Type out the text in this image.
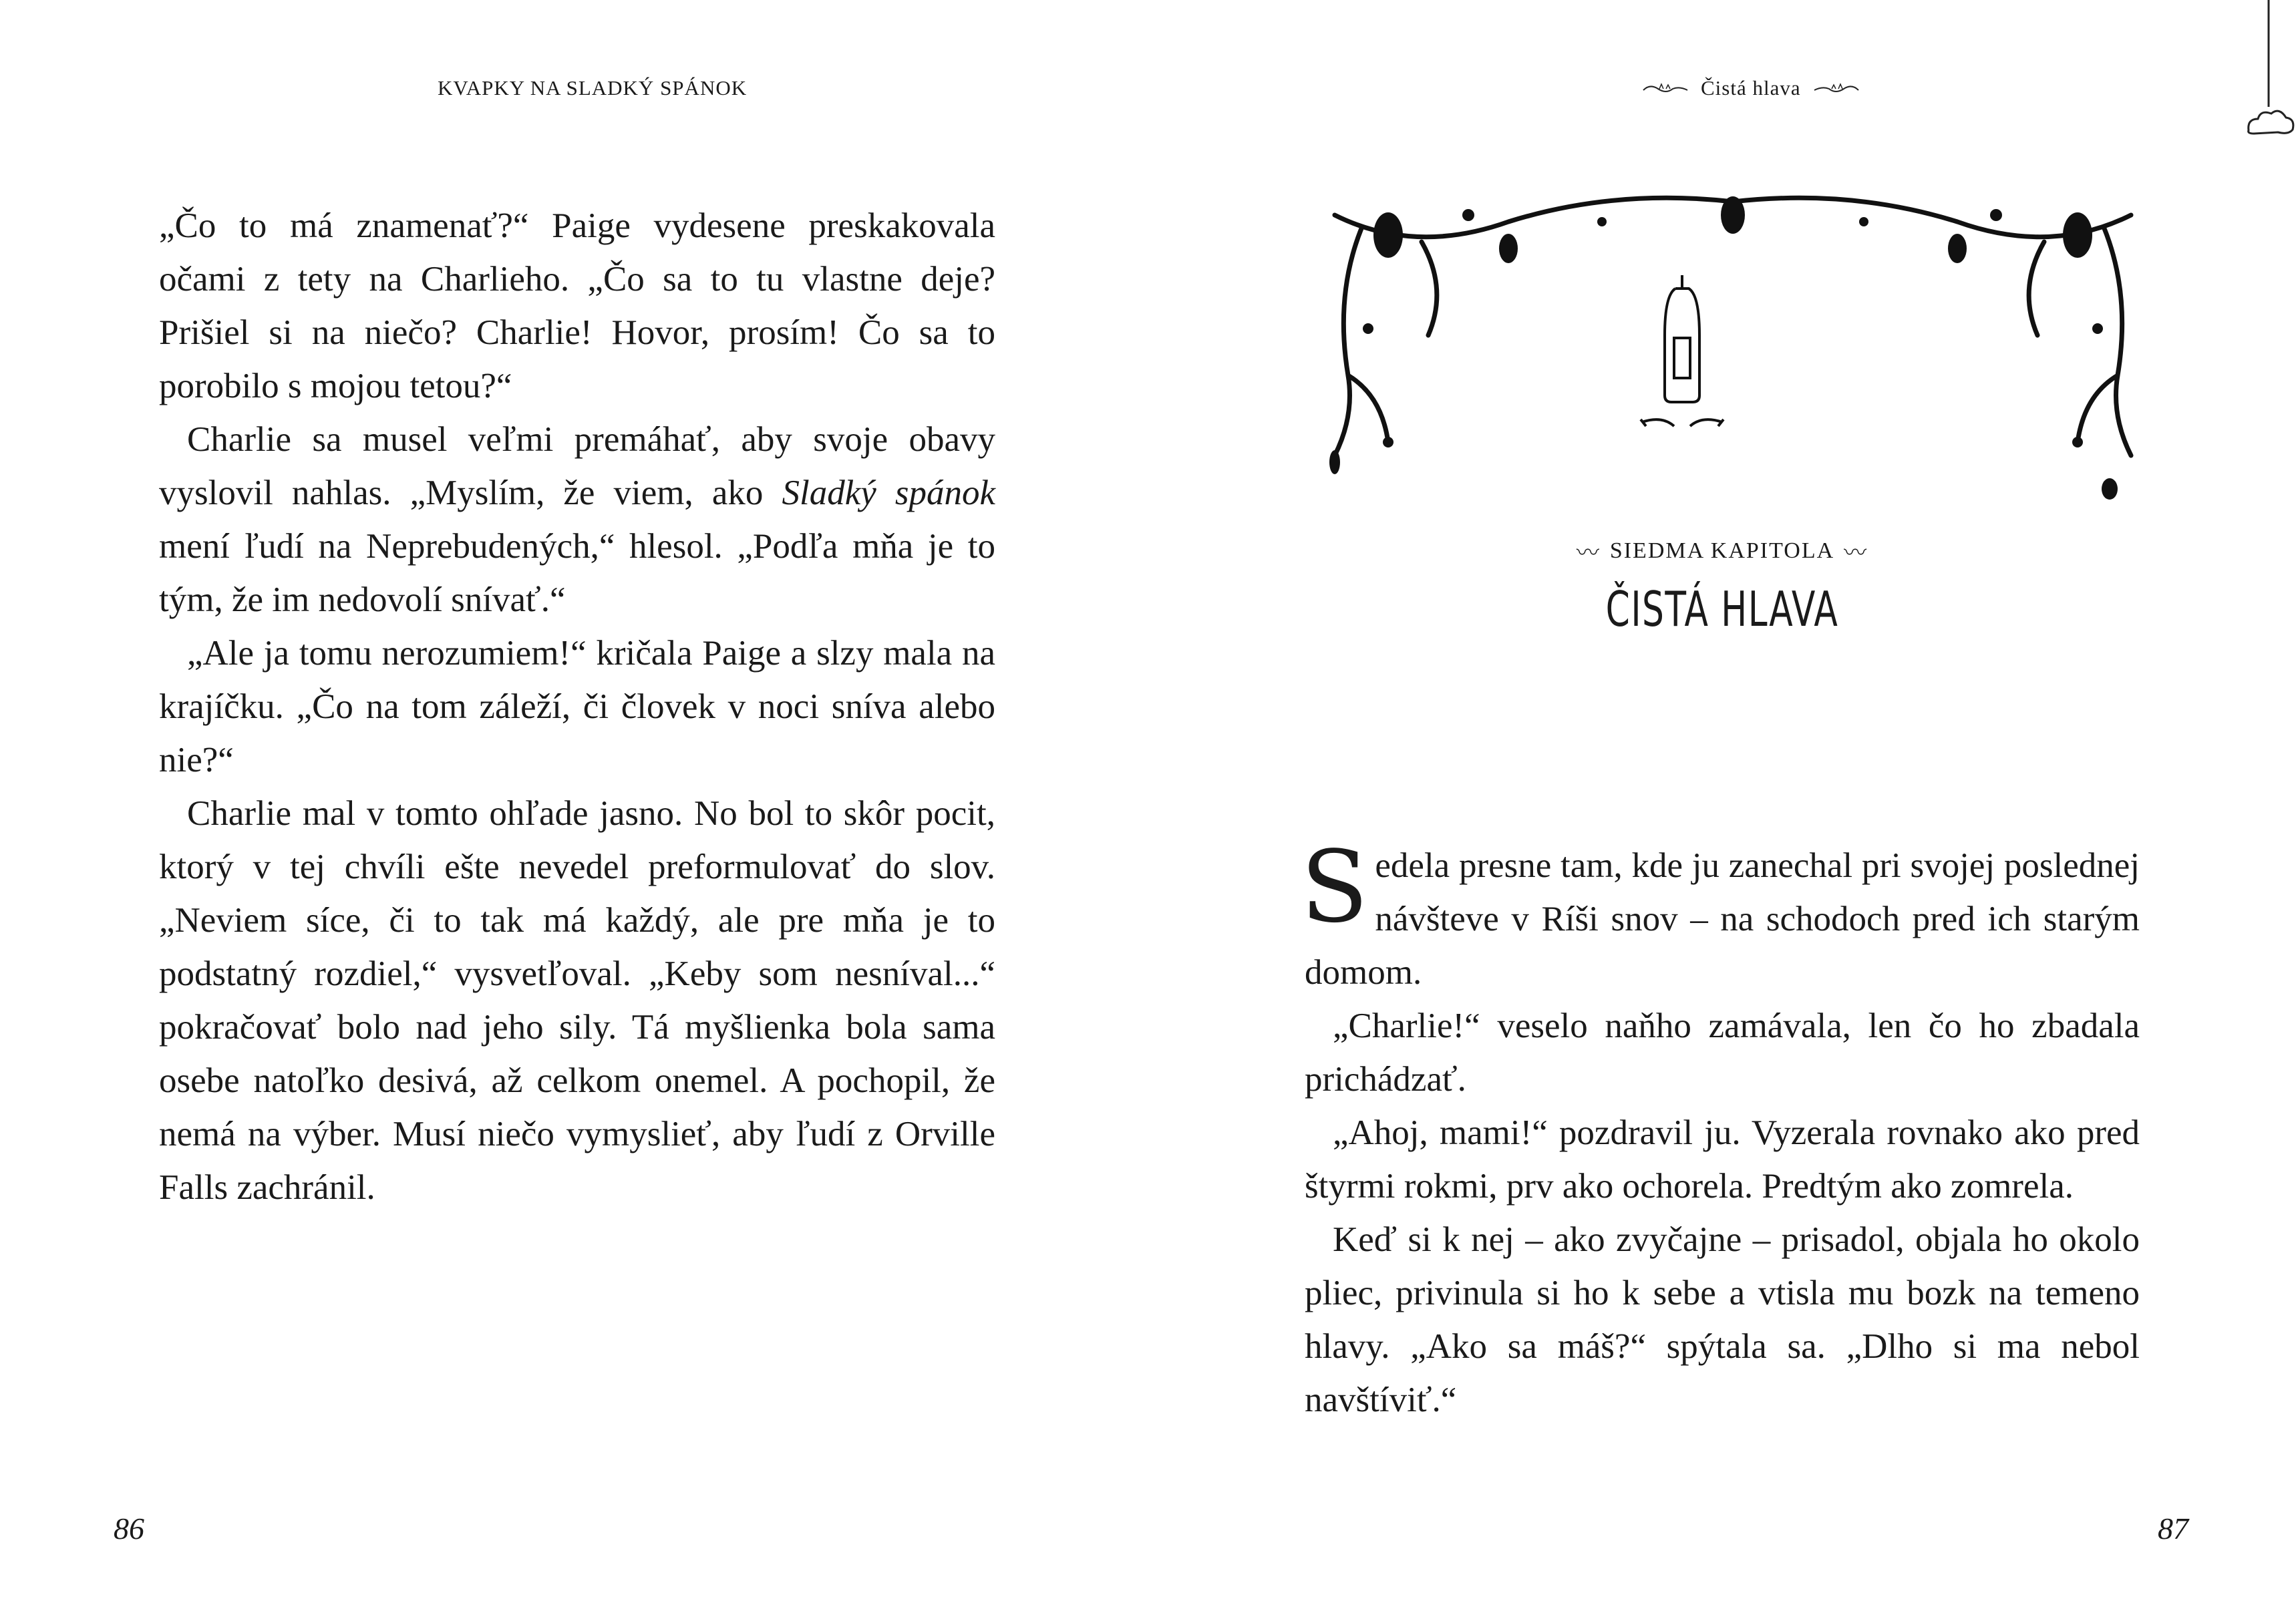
KVAPKY NA SLADKÝ SPÁNOK

„Čo to má znamenať?“ Paige vydesene preskakovala očami z tety na Charlieho. „Čo sa to tu vlastne deje? Prišiel si na niečo? Charlie! Hovor, prosím! Čo sa to porobilo s mojou tetou?“

Charlie sa musel veľmi premáhať, aby svoje obavy vyslovil nahlas. „Myslím, že viem, ako Sladký spánok mení ľudí na Neprebudených,“ hlesol. „Podľa mňa je to tým, že im nedovolí snívať.“

„Ale ja tomu nerozumiem!“ kričala Paige a slzy mala na krajíčku. „Čo na tom záleží, či človek v noci sníva alebo nie?“

Charlie mal v tomto ohľade jasno. No bol to skôr pocit, ktorý v tej chvíli ešte nevedel preformulovať do slov. „Neviem síce, či to tak má každý, ale pre mňa je to podstatný rozdiel,“ vysvetľoval. „Keby som nesníval...“ pokračovať bolo nad jeho sily. Tá myšlienka bola sama osebe natoľko desivá, až celkom onemel. A pochopil, že nemá na výber. Musí niečo vymyslieť, aby ľudí z Orville Falls zachránil.

86
Čistá hlava
〰 SIEDMA KAPITOLA 〰
ČISTÁ HLAVA

Sedela presne tam, kde ju zanechal pri svojej poslednej návšteve v Ríši snov – na schodoch pred ich starým domom.

„Charlie!“ veselo naňho zamávala, len čo ho zbadala prichádzať.

„Ahoj, mami!“ pozdravil ju. Vyzerala rovnako ako pred štyrmi rokmi, prv ako ochorela. Predtým ako zomrela.

Keď si k nej – ako zvyčajne – prisadol, objala ho okolo pliec, privinula si ho k sebe a vtisla mu bozk na temeno hlavy. „Ako sa máš?“ spýtala sa. „Dlho si ma nebol navštíviť.“

87
